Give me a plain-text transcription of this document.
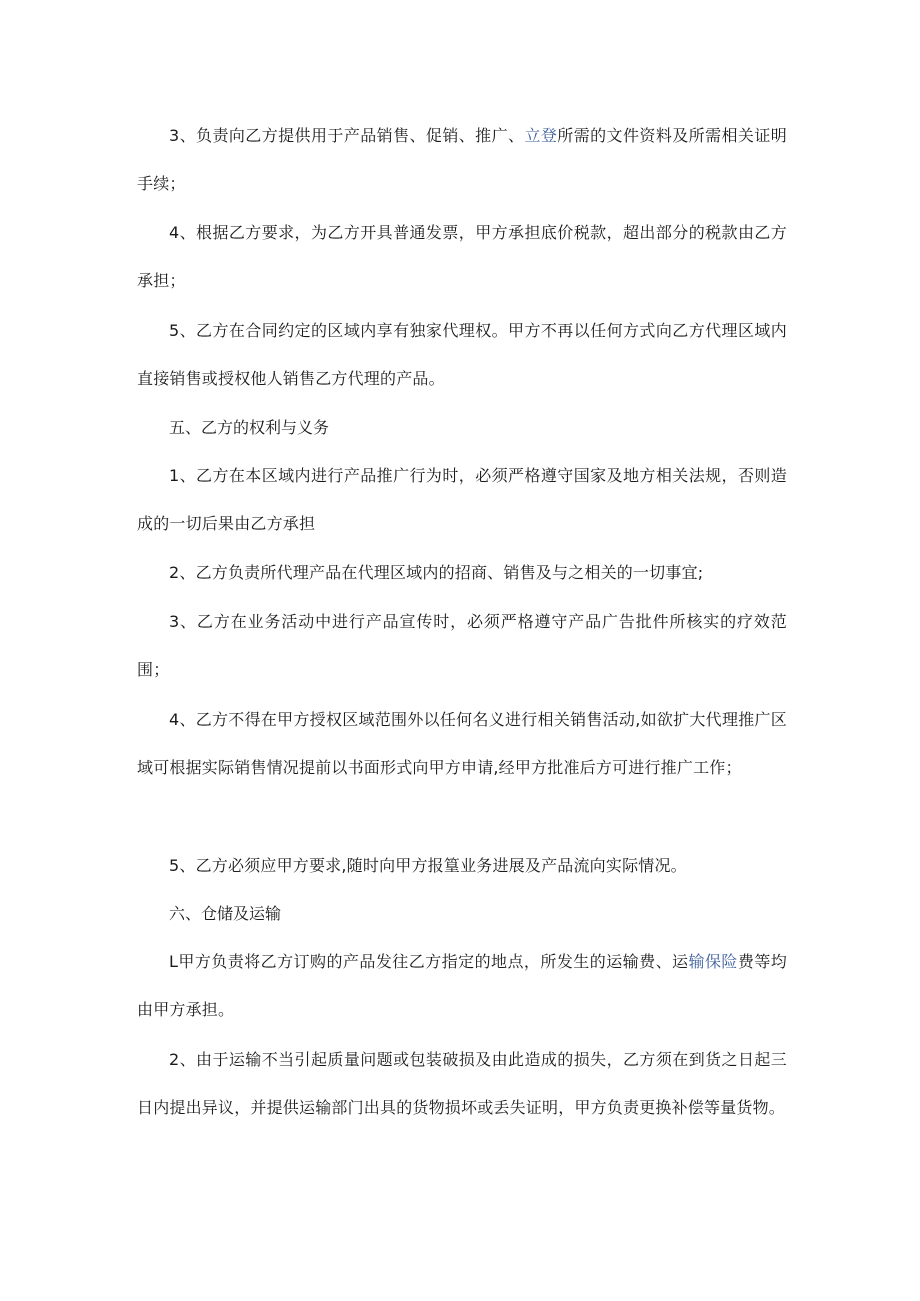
3、负责向乙方提供用于产品销售、促销、推广、立登所需的文件资料及所需相关证明手续；

4、根据乙方要求，为乙方开具普通发票，甲方承担底价税款，超出部分的税款由乙方承担；

5、乙方在合同约定的区域内享有独家代理权。甲方不再以任何方式向乙方代理区域内直接销售或授权他人销售乙方代理的产品。

五、乙方的权利与义务

1、乙方在本区域内进行产品推广行为时，必须严格遵守国家及地方相关法规，否则造成的一切后果由乙方承担

2、乙方负责所代理产品在代理区域内的招商、销售及与之相关的一切事宜;

3、乙方在业务活动中进行产品宣传时，必须严格遵守产品广告批件所核实的疗效范围；

4、乙方不得在甲方授权区域范围外以任何名义进行相关销售活动,如欲扩大代理推广区域可根据实际销售情况提前以书面形式向甲方申请,经甲方批准后方可进行推广工作；

5、乙方必须应甲方要求,随时向甲方报篁业务进展及产品流向实际情况。

六、仓储及运输

L甲方负责将乙方订购的产品发往乙方指定的地点，所发生的运输费、运输保险费等均由甲方承担。

2、由于运输不当引起质量问题或包装破损及由此造成的损失，乙方须在到货之日起三日内提出异议，并提供运输部门出具的货物损坏或丢失证明，甲方负责更换补偿等量货物。
